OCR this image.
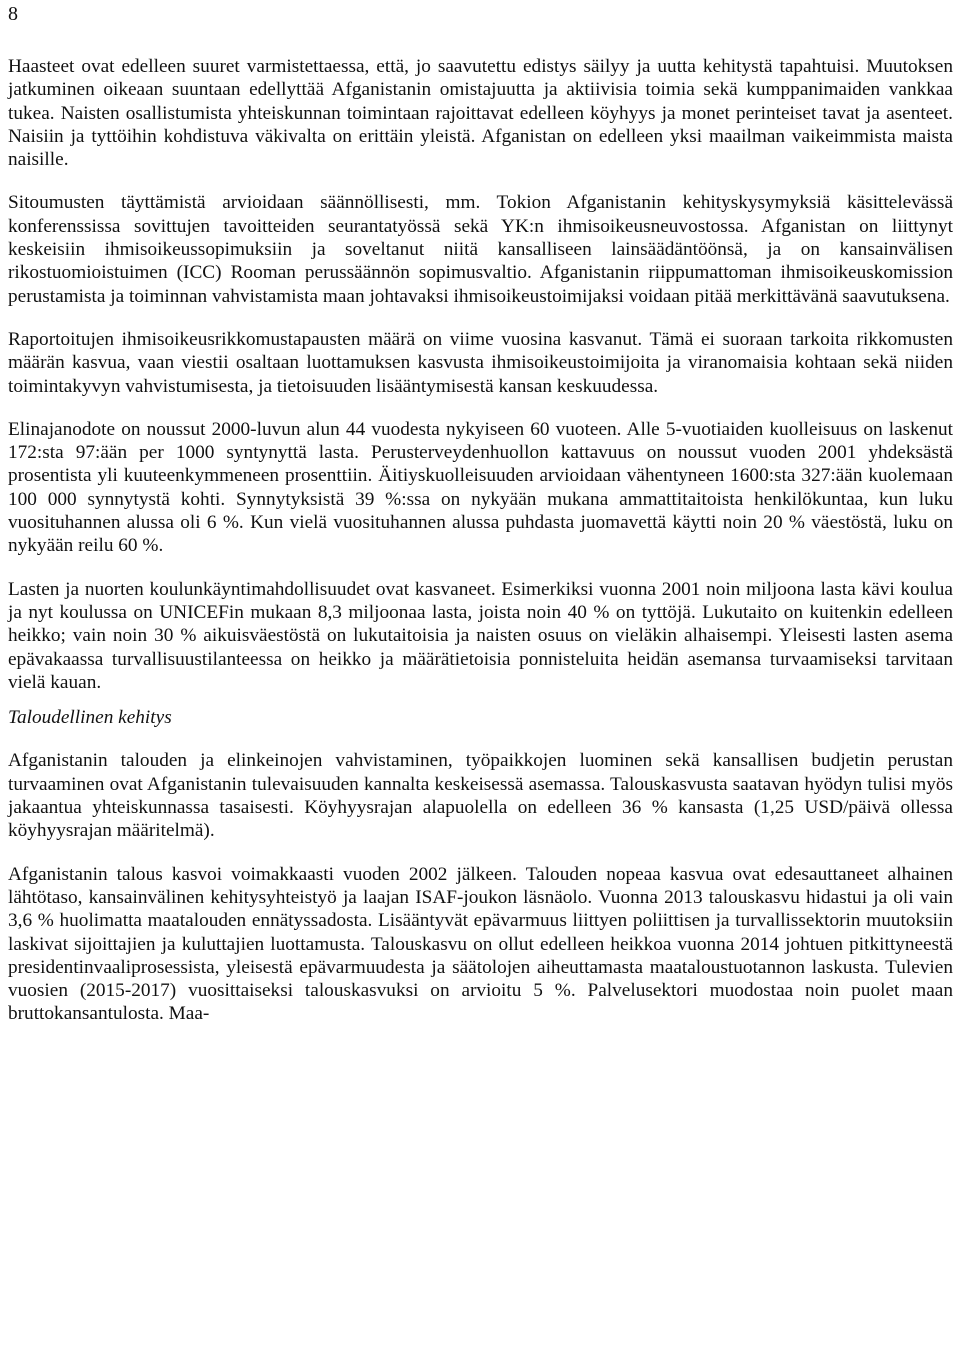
8

Haasteet ovat edelleen suuret varmistettaessa, että, jo saavutettu edistys säilyy ja uutta kehitystä tapahtuisi. Muutoksen jatkuminen oikeaan suuntaan edellyttää Afganistanin omistajuutta ja aktiivisia toimia sekä kumppanimaiden vankkaa tukea. Naisten osallistumista yhteiskunnan toimintaan rajoittavat edelleen köyhyys ja monet perinteiset tavat ja asenteet. Naisiin ja tyttöihin kohdistuva väkivalta on erittäin yleistä. Afganistan on edelleen yksi maailman vaikeimmista maista naisille.

Sitoumusten täyttämistä arvioidaan säännöllisesti, mm. Tokion Afganistanin kehityskysymyksiä käsittelevässä konferenssissa sovittujen tavoitteiden seurantatyössä sekä YK:n ihmisoikeusneuvostossa. Afganistan on liittynyt keskeisiin ihmisoikeussopimuksiin ja soveltanut niitä kansalliseen lainsäädäntöönsä, ja on kansainvälisen rikostuomioistuimen (ICC) Rooman perussäännön sopimusvaltio. Afganistanin riippumattoman ihmisoikeuskomission perustamista ja toiminnan vahvistamista maan johtavaksi ihmisoikeustoimijaksi voidaan pitää merkittävänä saavutuksena.

Raportoitujen ihmisoikeusrikkomustapausten määrä on viime vuosina kasvanut. Tämä ei suoraan tarkoita rikkomusten määrän kasvua, vaan viestii osaltaan luottamuksen kasvusta ihmisoikeustoimijoita ja viranomaisia kohtaan sekä niiden toimintakyvyn vahvistumisesta, ja tietoisuuden lisääntymisestä kansan keskuudessa.

Elinajanodote on noussut 2000-luvun alun 44 vuodesta nykyiseen 60 vuoteen. Alle 5-vuotiaiden kuolleisuus on laskenut 172:sta 97:ään per 1000 syntynyttä lasta. Perusterveydenhuollon kattavuus on noussut vuoden 2001 yhdeksästä prosentista yli kuuteenkymmeneen prosenttiin. Äitiyskuolleisuuden arvioidaan vähentyneen 1600:sta 327:ään kuolemaan 100 000 synnytystä kohti. Synnytyksistä 39 %:ssa on nykyään mukana ammattitaitoista henkilökuntaa, kun luku vuosituhannen alussa oli 6 %. Kun vielä vuosituhannen alussa puhdasta juomavettä käytti noin 20 % väestöstä, luku on nykyään reilu 60 %.

Lasten ja nuorten koulunkäyntimahdollisuudet ovat kasvaneet. Esimerkiksi vuonna 2001 noin miljoona lasta kävi koulua ja nyt koulussa on UNICEFin mukaan 8,3 miljoonaa lasta, joista noin 40 % on tyttöjä. Lukutaito on kuitenkin edelleen heikko; vain noin 30 % aikuisväestöstä on lukutaitoisia ja naisten osuus on vieläkin alhaisempi. Yleisesti lasten asema epävakaassa turvallisuustilanteessa on heikko ja määrätietoisia ponnisteluita heidän asemansa turvaamiseksi tarvitaan vielä kauan.

Taloudellinen kehitys

Afganistanin talouden ja elinkeinojen vahvistaminen, työpaikkojen luominen sekä kansallisen budjetin perustan turvaaminen ovat Afganistanin tulevaisuuden kannalta keskeisessä asemassa. Talouskasvusta saatavan hyödyn tulisi myös jakaantua yhteiskunnassa tasaisesti. Köyhyysrajan alapuolella on edelleen 36 % kansasta (1,25 USD/päivä ollessa köyhyysrajan määritelmä).

Afganistanin talous kasvoi voimakkaasti vuoden 2002 jälkeen. Talouden nopeaa kasvua ovat edesauttaneet alhainen lähtötaso, kansainvälinen kehitysyhteistyö ja laajan ISAF-joukon läsnäolo. Vuonna 2013 talouskasvu hidastui ja oli vain 3,6 % huolimatta maatalouden ennätyssadosta. Lisääntyvät epävarmuus liittyen poliittisen ja turvallissektorin muutoksiin laskivat sijoittajien ja kuluttajien luottamusta. Talouskasvu on ollut edelleen heikkoa vuonna 2014 johtuen pitkittyneestä presidentinvaaliprosessista, yleisestä epävarmuudesta ja säätolojen aiheuttamasta maataloustuotannon laskusta. Tulevien vuosien (2015-2017) vuosittaiseksi talouskasvuksi on arvioitu 5 %. Palvelusektori muodostaa noin puolet maan bruttokansantulosta. Maa-
